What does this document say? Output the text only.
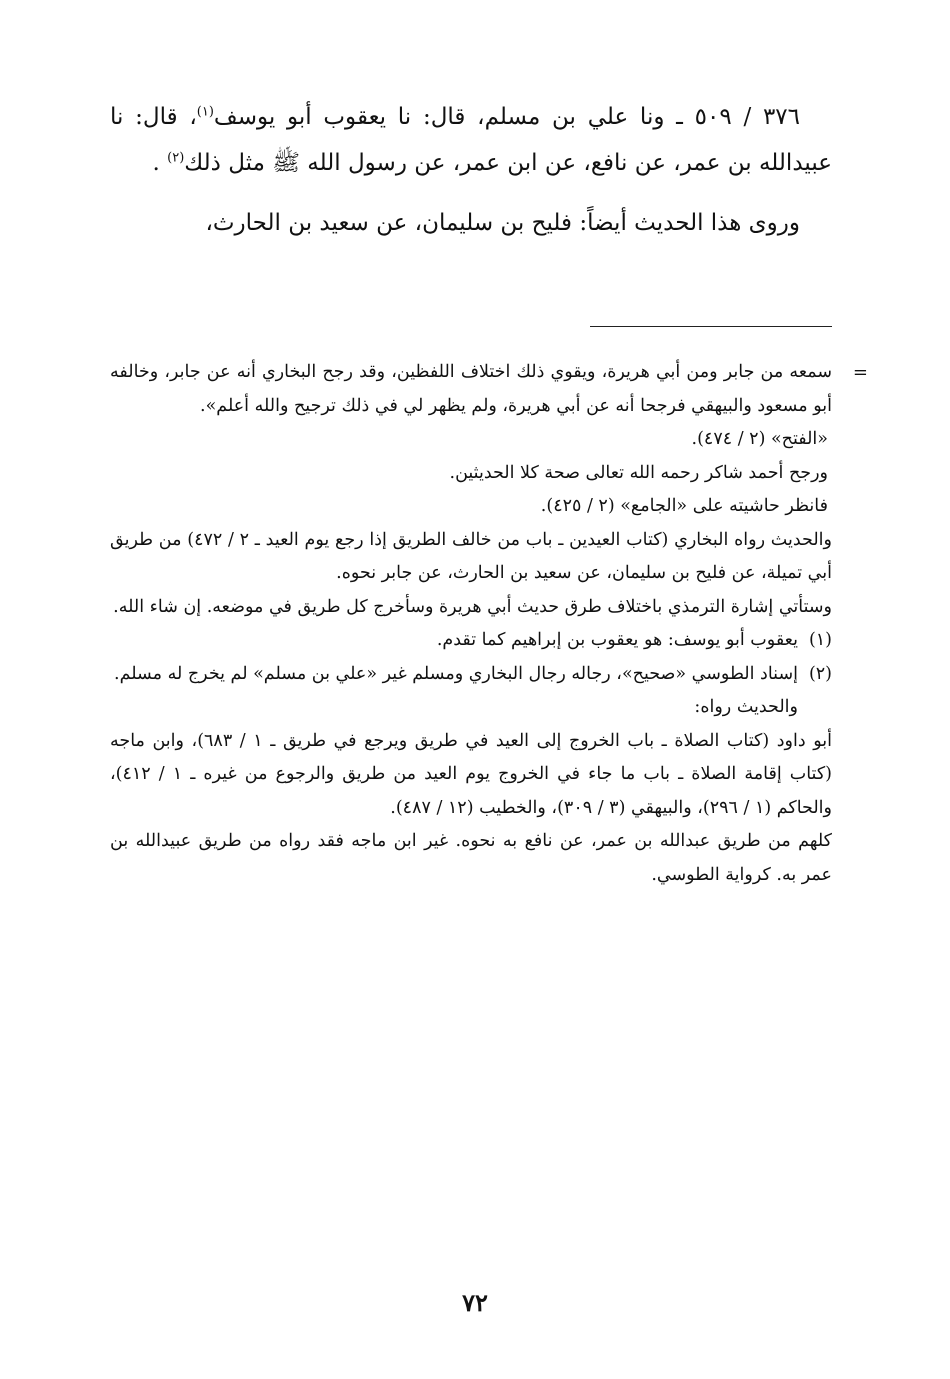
٣٧٦ / ٥٠٩ ـ ونا علي بن مسلم، قال: نا يعقوب أبو يوسف$^{(١)}$، قال: نا عبيدالله بن عمر، عن نافع، عن ابن عمر، عن رسول الله ﷺ مثل ذلك$^{(٢)}$ .

وروى هذا الحديث أيضاً: فليح بن سليمان، عن سعيد بن الحارث،

=

سمعه من جابر ومن أبي هريرة، ويقوي ذلك اختلاف اللفظين، وقد رجح البخاري أنه عن جابر، وخالفه أبو مسعود والبيهقي فرجحا أنه عن أبي هريرة، ولم يظهر لي في ذلك ترجيح والله أعلم».

«الفتح» (٢ / ٤٧٤).

ورجح أحمد شاكر رحمه الله تعالى صحة كلا الحديثين.

فانظر حاشيته على «الجامع» (٢ / ٤٢٥).

والحديث رواه البخاري (كتاب العيدين ـ باب من خالف الطريق إذا رجع يوم العيد ـ ٢ / ٤٧٢) من طريق أبي تميلة، عن فليح بن سليمان، عن سعيد بن الحارث، عن جابر نحوه.

وستأتي إشارة الترمذي باختلاف طرق حديث أبي هريرة وسأخرج كل طريق في موضعه. إن شاء الله.

(١)يعقوب أبو يوسف: هو يعقوب بن إبراهيم كما تقدم.

(٢)إسناد الطوسي «صحيح»، رجاله رجال البخاري ومسلم غير «علي بن مسلم» لم يخرج له مسلم.

والحديث رواه:

أبو داود (كتاب الصلاة ـ باب الخروج إلى العيد في طريق ويرجع في طريق ـ ١ / ٦٨٣)، وابن ماجه (كتاب إقامة الصلاة ـ باب ما جاء في الخروج يوم العيد من طريق والرجوع من غيره ـ ١ / ٤١٢)، والحاكم (١ / ٢٩٦)، والبيهقي (٣ / ٣٠٩)، والخطيب (١٢ / ٤٨٧).

كلهم من طريق عبدالله بن عمر، عن نافع به نحوه. غير ابن ماجه فقد رواه من طريق عبيدالله بن عمر به. كرواية الطوسي.

٧٢
